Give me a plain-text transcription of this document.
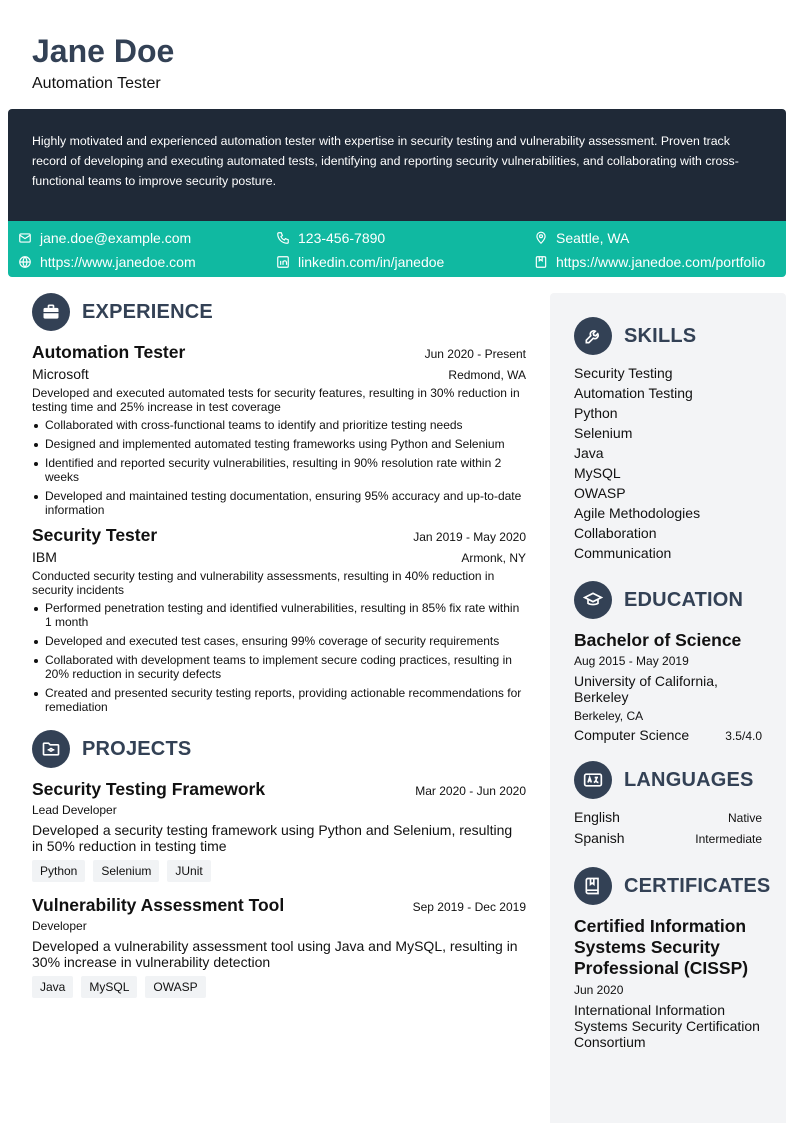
Jane Doe
Automation Tester

Highly motivated and experienced automation tester with expertise in security testing and vulnerability assessment. Proven track record of developing and executing automated tests, identifying and reporting security vulnerabilities, and collaborating with cross-functional teams to improve security posture.

jane.doe@example.com	123-456-7890	Seattle, WA
https://www.janedoe.com	linkedin.com/in/janedoe	https://www.janedoe.com/portfolio
EXPERIENCE
Automation Tester	Jun 2020 - Present
Microsoft	Redmond, WA
Developed and executed automated tests for security features, resulting in 30% reduction in testing time and 25% increase in test coverage
Collaborated with cross-functional teams to identify and prioritize testing needs
Designed and implemented automated testing frameworks using Python and Selenium
Identified and reported security vulnerabilities, resulting in 90% resolution rate within 2 weeks
Developed and maintained testing documentation, ensuring 95% accuracy and up-to-date information
Security Tester	Jan 2019 - May 2020
IBM	Armonk, NY
Conducted security testing and vulnerability assessments, resulting in 40% reduction in security incidents
Performed penetration testing and identified vulnerabilities, resulting in 85% fix rate within 1 month
Developed and executed test cases, ensuring 99% coverage of security requirements
Collaborated with development teams to implement secure coding practices, resulting in 20% reduction in security defects
Created and presented security testing reports, providing actionable recommendations for remediation
PROJECTS
Security Testing Framework	Mar 2020 - Jun 2020
Lead Developer
Developed a security testing framework using Python and Selenium, resulting in 50% reduction in testing time
Python	Selenium	JUnit
Vulnerability Assessment Tool	Sep 2019 - Dec 2019
Developer
Developed a vulnerability assessment tool using Java and MySQL, resulting in 30% increase in vulnerability detection
Java	MySQL	OWASP
SKILLS
Security Testing
Automation Testing
Python
Selenium
Java
MySQL
OWASP
Agile Methodologies
Collaboration
Communication
EDUCATION
Bachelor of Science
Aug 2015 - May 2019
University of California, Berkeley
Berkeley, CA
Computer Science	3.5/4.0
LANGUAGES
English	Native
Spanish	Intermediate
CERTIFICATES
Certified Information Systems Security Professional (CISSP)
Jun 2020
International Information Systems Security Certification Consortium
